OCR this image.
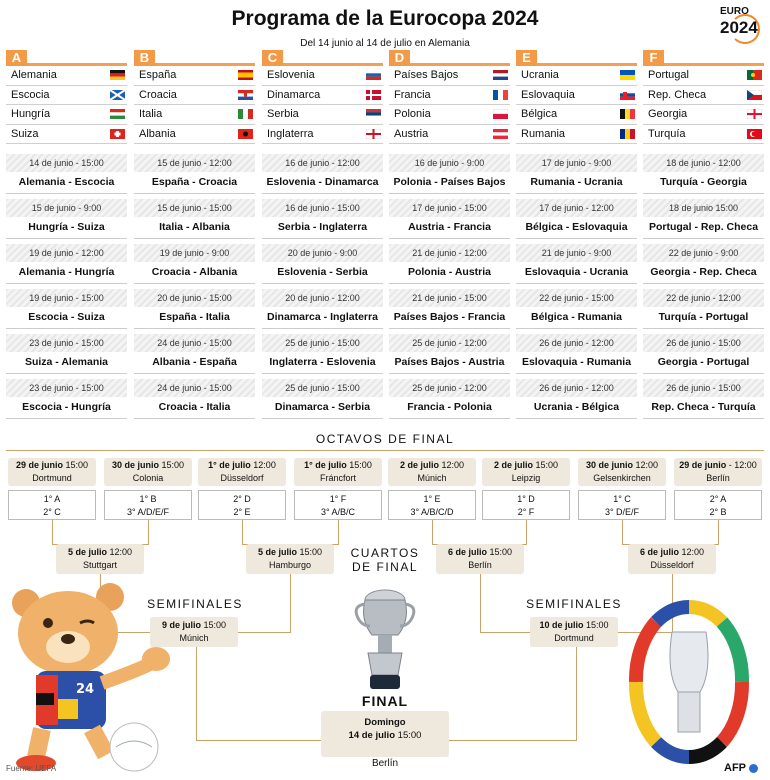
Programa de la Eurocopa 2024
Del 14 junio al 14 de julio en Alemania
EURO
2024
A
Alemania
Escocia
Hungría
Suiza
B
España
Croacia
Italia
Albania
C
Eslovenia
Dinamarca
Serbia
Inglaterra
D
Países Bajos
Francia
Polonia
Austria
E
Ucrania
Eslovaquia
Bélgica
Rumania
F
Portugal
Rep. Checa
Georgia
Turquía
14 de junio - 15:00
Alemania - Escocia
15 de junio - 9:00
Hungría - Suiza
19 de junio - 12:00
Alemania - Hungría
19 de junio - 15:00
Escocia - Suiza
23 de junio - 15:00
Suiza - Alemania
23 de junio - 15:00
Escocia - Hungría
15 de junio - 12:00
España - Croacia
15 de junio - 15:00
Italia - Albania
19 de junio - 9:00
Croacia - Albania
20 de junio - 15:00
España - Italia
24 de junio - 15:00
Albania - España
24 de junio - 15:00
Croacia - Italia
16 de junio - 12:00
Eslovenia - Dinamarca
16 de junio - 15:00
Serbia - Inglaterra
20 de junio - 9:00
Eslovenia - Serbia
20 de junio - 12:00
Dinamarca - Inglaterra
25 de junio - 15:00
Inglaterra - Eslovenia
25 de junio - 15:00
Dinamarca - Serbia
16 de junio - 9:00
Polonia - Países Bajos
17 de junio - 15:00
Austria - Francia
21 de junio - 12:00
Polonia - Austria
21 de junio - 15:00
Países Bajos - Francia
25 de junio - 12:00
Países Bajos - Austria
25 de junio - 12:00
Francia - Polonia
17 de junio - 9:00
Rumania - Ucrania
17 de junio - 12:00
Bélgica - Eslovaquia
21 de junio - 9:00
Eslovaquia - Ucrania
22 de junio - 15:00
Bélgica - Rumania
26 de junio - 12:00
Eslovaquia - Rumania
26 de junio - 12:00
Ucrania - Bélgica
18 de junio - 12:00
Turquía - Georgia
18 de junio 15:00
Portugal - Rep. Checa
22 de junio - 9:00
Georgia - Rep. Checa
22 de junio - 12:00
Turquía - Portugal
26 de junio - 15:00
Georgia - Portugal
26 de junio - 15:00
Rep. Checa - Turquía
OCTAVOS DE FINAL
29 de junio 15:00
Dortmund
1° A
2° C
30 de junio 15:00
Colonia
1° B
3° A/D/E/F
1° de julio 12:00
Düsseldorf
2° D
2° E
1° de julio 15:00
Fráncfort
1° F
3° A/B/C
2 de julio 12:00
Múnich
1° E
3° A/B/C/D
2 de julio 15:00
Leipzig
1° D
2° F
30 de junio 12:00
Gelsenkirchen
1° C
3° D/E/F
29 de junio - 12:00
Berlín
2° A
2° B
CUARTOS
DE FINAL
5 de julio 12:00
Stuttgart
5 de julio 15:00
Hamburgo
6 de julio 15:00
Berlín
6 de julio 12:00
Düsseldorf
SEMIFINALES	SEMIFINALES
9 de julio 15:00
Múnich
10 de julio 15:00
Dortmund
FINAL
Domingo
14 de julio 15:00
Berlín
24
Fuente: UEFA	AFP
